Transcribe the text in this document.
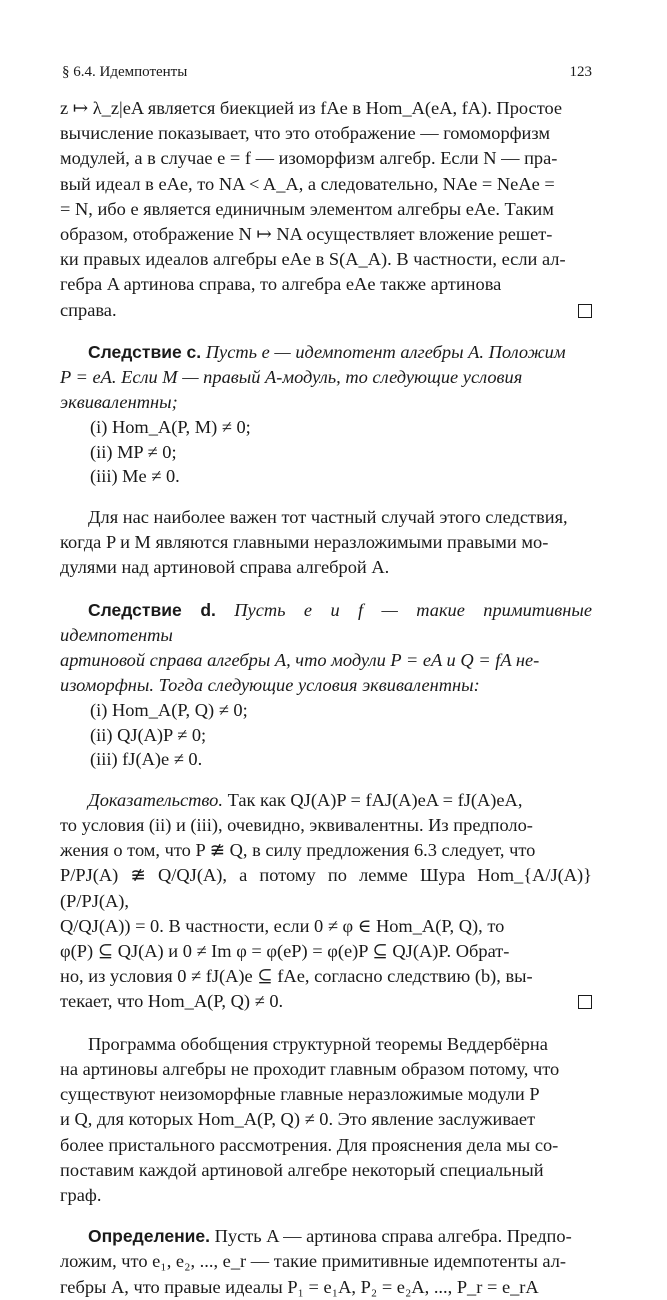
§ 6.4. Идемпотенты	123

z ↦ λ_z|eA является биекцией из fAe в Hom_A(eA, fA). Простое

вычисление показывает, что это отображение — гомоморфизм

модулей, а в случае e = f — изоморфизм алгебр. Если N — пра-

вый идеал в eAe, то NA < A_A, а следовательно, NAe = NeAe =

= N, ибо e является единичным элементом алгебры eAe. Таким

образом, отображение N ↦ NA осуществляет вложение решет-

ки правых идеалов алгебры eAe в S(A_A). В частности, если ал-

гебра A артинова справа, то алгебра eAe также артинова

справа.

Следствие c. Пусть e — идемпотент алгебры A. Положим

P = eA. Если M — правый A-модуль, то следующие условия

эквивалентны;

(i) Hom_A(P, M) ≠ 0;

(ii) MP ≠ 0;

(iii) Me ≠ 0.

Для нас наиболее важен тот частный случай этого следствия,

когда P и M являются главными неразложимыми правыми мо-

дулями над артиновой справа алгеброй A.

Следствие d. Пусть e и f — такие примитивные идемпотенты

артиновой справа алгебры A, что модули P = eA и Q = fA не-

изоморфны. Тогда следующие условия эквивалентны:

(i) Hom_A(P, Q) ≠ 0;

(ii) QJ(A)P ≠ 0;

(iii) fJ(A)e ≠ 0.

Доказательство. Так как QJ(A)P = fAJ(A)eA = fJ(A)eA,

то условия (ii) и (iii), очевидно, эквивалентны. Из предполо-

жения о том, что P ≇ Q, в силу предложения 6.3 следует, что

P/PJ(A) ≇ Q/QJ(A), а потому по лемме Шура Hom_{A/J(A)}(P/PJ(A),

Q/QJ(A)) = 0. В частности, если 0 ≠ φ ∈ Hom_A(P, Q), то

φ(P) ⊆ QJ(A) и 0 ≠ Im φ = φ(eP) = φ(e)P ⊆ QJ(A)P. Обрат-

но, из условия 0 ≠ fJ(A)e ⊆ fAe, согласно следствию (b), вы-

текает, что Hom_A(P, Q) ≠ 0.

Программа обобщения структурной теоремы Веддербёрна

на артиновы алгебры не проходит главным образом потому, что

существуют неизоморфные главные неразложимые модули P

и Q, для которых Hom_A(P, Q) ≠ 0. Это явление заслуживает

более пристального рассмотрения. Для прояснения дела мы со-

поставим каждой артиновой алгебре некоторый специальный

граф.

Определение. Пусть A — артинова справа алгебра. Предпо-

ложим, что e₁, e₂, ..., e_r — такие примитивные идемпотенты ал-

гебры A, что правые идеалы P₁ = e₁A, P₂ = e₂A, ..., P_r = e_rA
